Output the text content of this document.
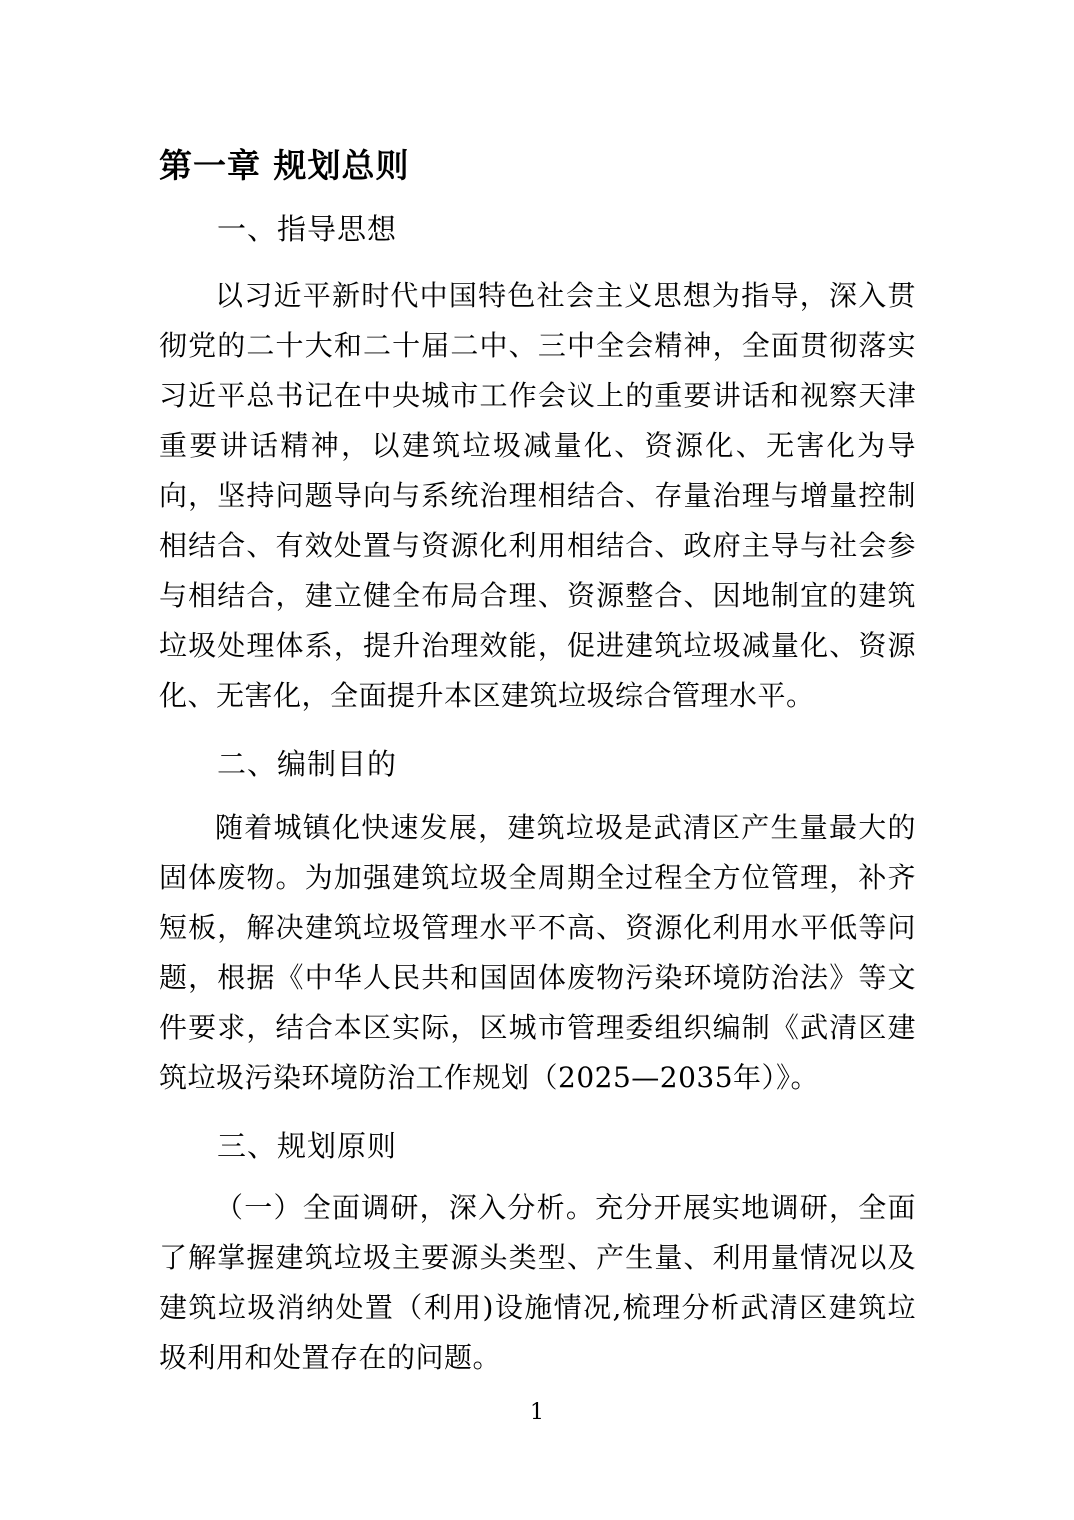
第一章 规划总则
一、指导思想

以习近平新时代中国特色社会主义思想为指导，深入贯彻党的二十大和二十届二中、三中全会精神，全面贯彻落实习近平总书记在中央城市工作会议上的重要讲话和视察天津重要讲话精神，以建筑垃圾减量化、资源化、无害化为导向，坚持问题导向与系统治理相结合、存量治理与增量控制相结合、有效处置与资源化利用相结合、政府主导与社会参与相结合，建立健全布局合理、资源整合、因地制宜的建筑垃圾处理体系，提升治理效能，促进建筑垃圾减量化、资源化、无害化，全面提升本区建筑垃圾综合管理水平。

二、编制目的

随着城镇化快速发展，建筑垃圾是武清区产生量最大的固体废物。为加强建筑垃圾全周期全过程全方位管理，补齐短板，解决建筑垃圾管理水平不高、资源化利用水平低等问题，根据《中华人民共和国固体废物污染环境防治法》等文件要求，结合本区实际，区城市管理委组织编制《武清区建筑垃圾污染环境防治工作规划（2025—2035年）》。

三、规划原则

（一）全面调研，深入分析。充分开展实地调研，全面了解掌握建筑垃圾主要源头类型、产生量、利用量情况以及建筑垃圾消纳处置（利用)设施情况,梳理分析武清区建筑垃圾利用和处置存在的问题。

1
